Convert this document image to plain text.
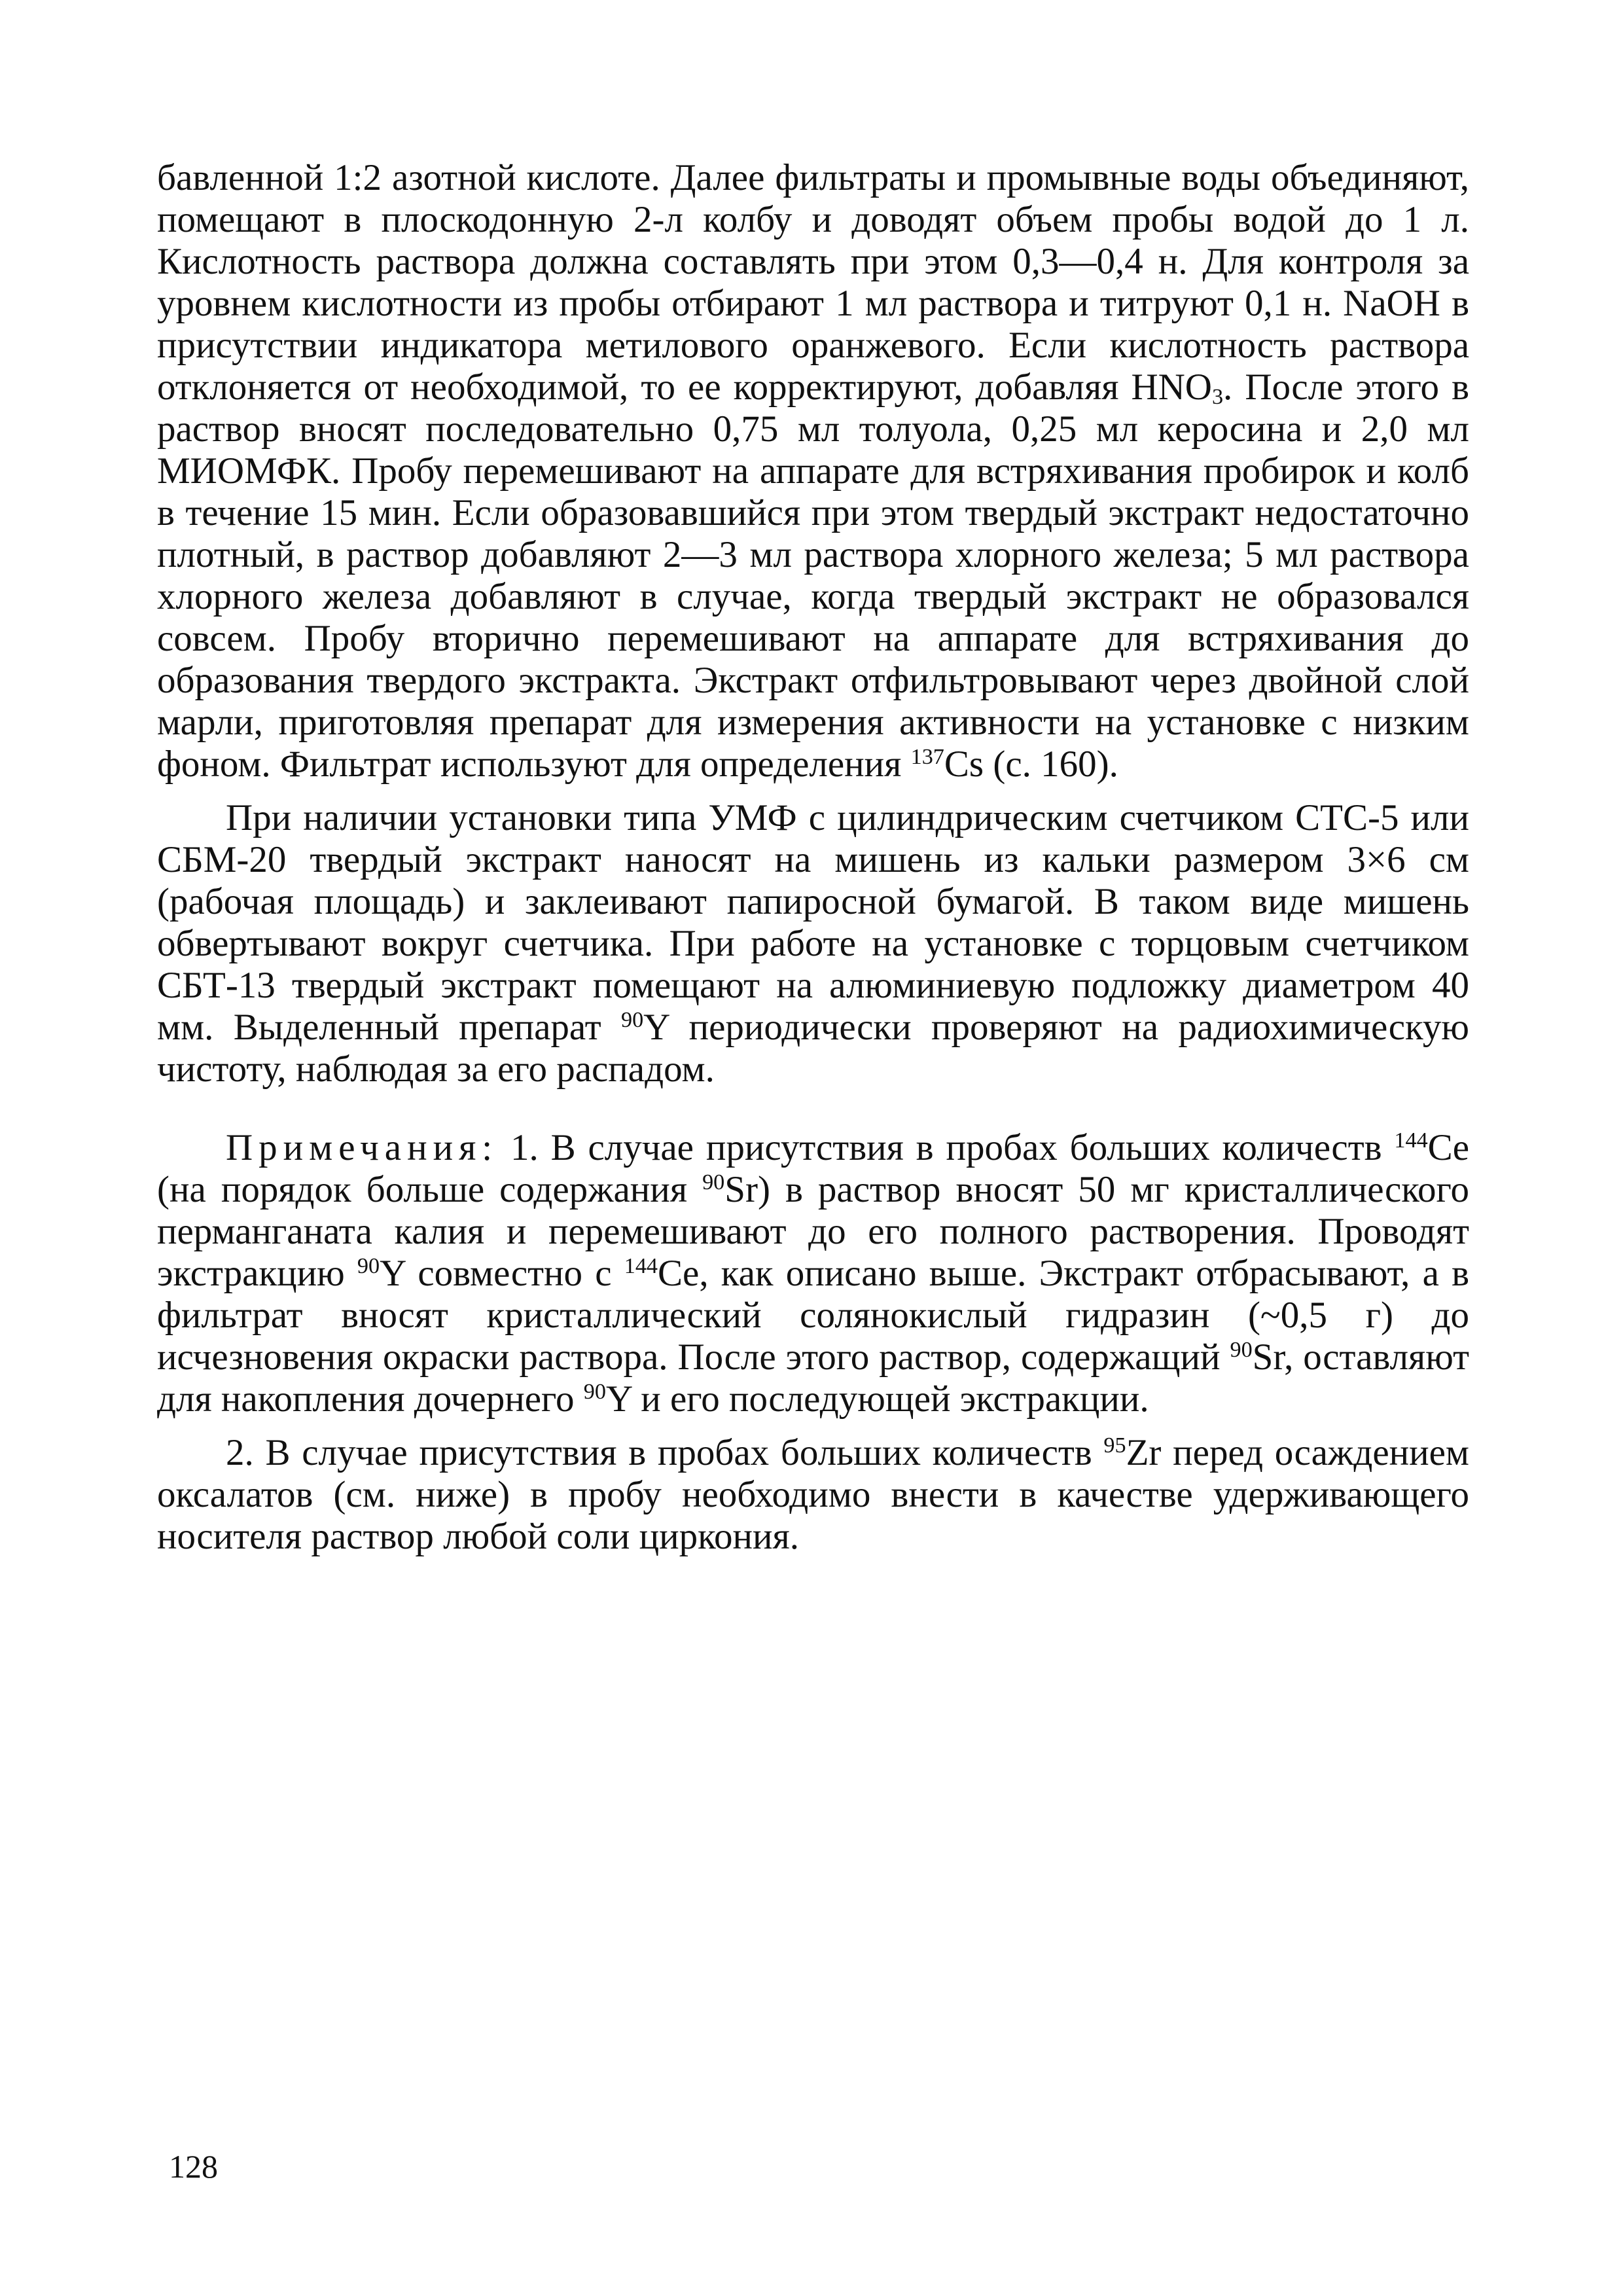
бавленной 1:2 азотной кислоте. Далее фильтраты и промывные воды объединяют, помещают в плоскодонную 2-л колбу и доводят объем пробы водой до 1 л. Кислотность раствора должна составлять при этом 0,3—0,4 н. Для контроля за уровнем кислотности из пробы отбирают 1 мл раствора и титруют 0,1 н. NaOH в присутствии индикатора метилового оранжевого. Если кислотность раствора отклоняется от необходимой, то ее корректируют, добавляя $HNO_3$. После этого в раствор вносят последовательно 0,75 мл толуола, 0,25 мл керосина и 2,0 мл МИОМФК. Пробу перемешивают на аппарате для встряхивания пробирок и колб в течение 15 мин. Если образовавшийся при этом твердый экстракт недостаточно плотный, в раствор добавляют 2—3 мл раствора хлорного железа; 5 мл раствора хлорного железа добавляют в случае, когда твердый экстракт не образовался совсем. Пробу вторично перемешивают на аппарате для встряхивания до образования твердого экстракта. Экстракт отфильтровывают через двойной слой марли, приготовляя препарат для измерения активности на установке с низким фоном. Фильтрат используют для определения $^{137}$Cs (с. 160).

При наличии установки типа УМФ с цилиндрическим счетчиком СТС-5 или СБМ-20 твердый экстракт наносят на мишень из кальки размером 3×6 см (рабочая площадь) и заклеивают папиросной бумагой. В таком виде мишень обвертывают вокруг счетчика. При работе на установке с торцовым счетчиком СБТ-13 твердый экстракт помещают на алюминиевую подложку диаметром 40 мм. Выделенный препарат $^{90}$Y периодически проверяют на радиохимическую чистоту, наблюдая за его распадом.

Примечания: 1. В случае присутствия в пробах больших количеств $^{144}$Ce (на порядок больше содержания $^{90}$Sr) в раствор вносят 50 мг кристаллического перманганата калия и перемешивают до его полного растворения. Проводят экстракцию $^{90}$Y совместно с $^{144}$Ce, как описано выше. Экстракт отбрасывают, а в фильтрат вносят кристаллический солянокислый гидразин (~0,5 г) до исчезновения окраски раствора. После этого раствор, содержащий $^{90}$Sr, оставляют для накопления дочернего $^{90}$Y и его последующей экстракции.

2. В случае присутствия в пробах больших количеств $^{95}$Zr перед осаждением оксалатов (см. ниже) в пробу необходимо внести в качестве удерживающего носителя раствор любой соли циркония.

128
